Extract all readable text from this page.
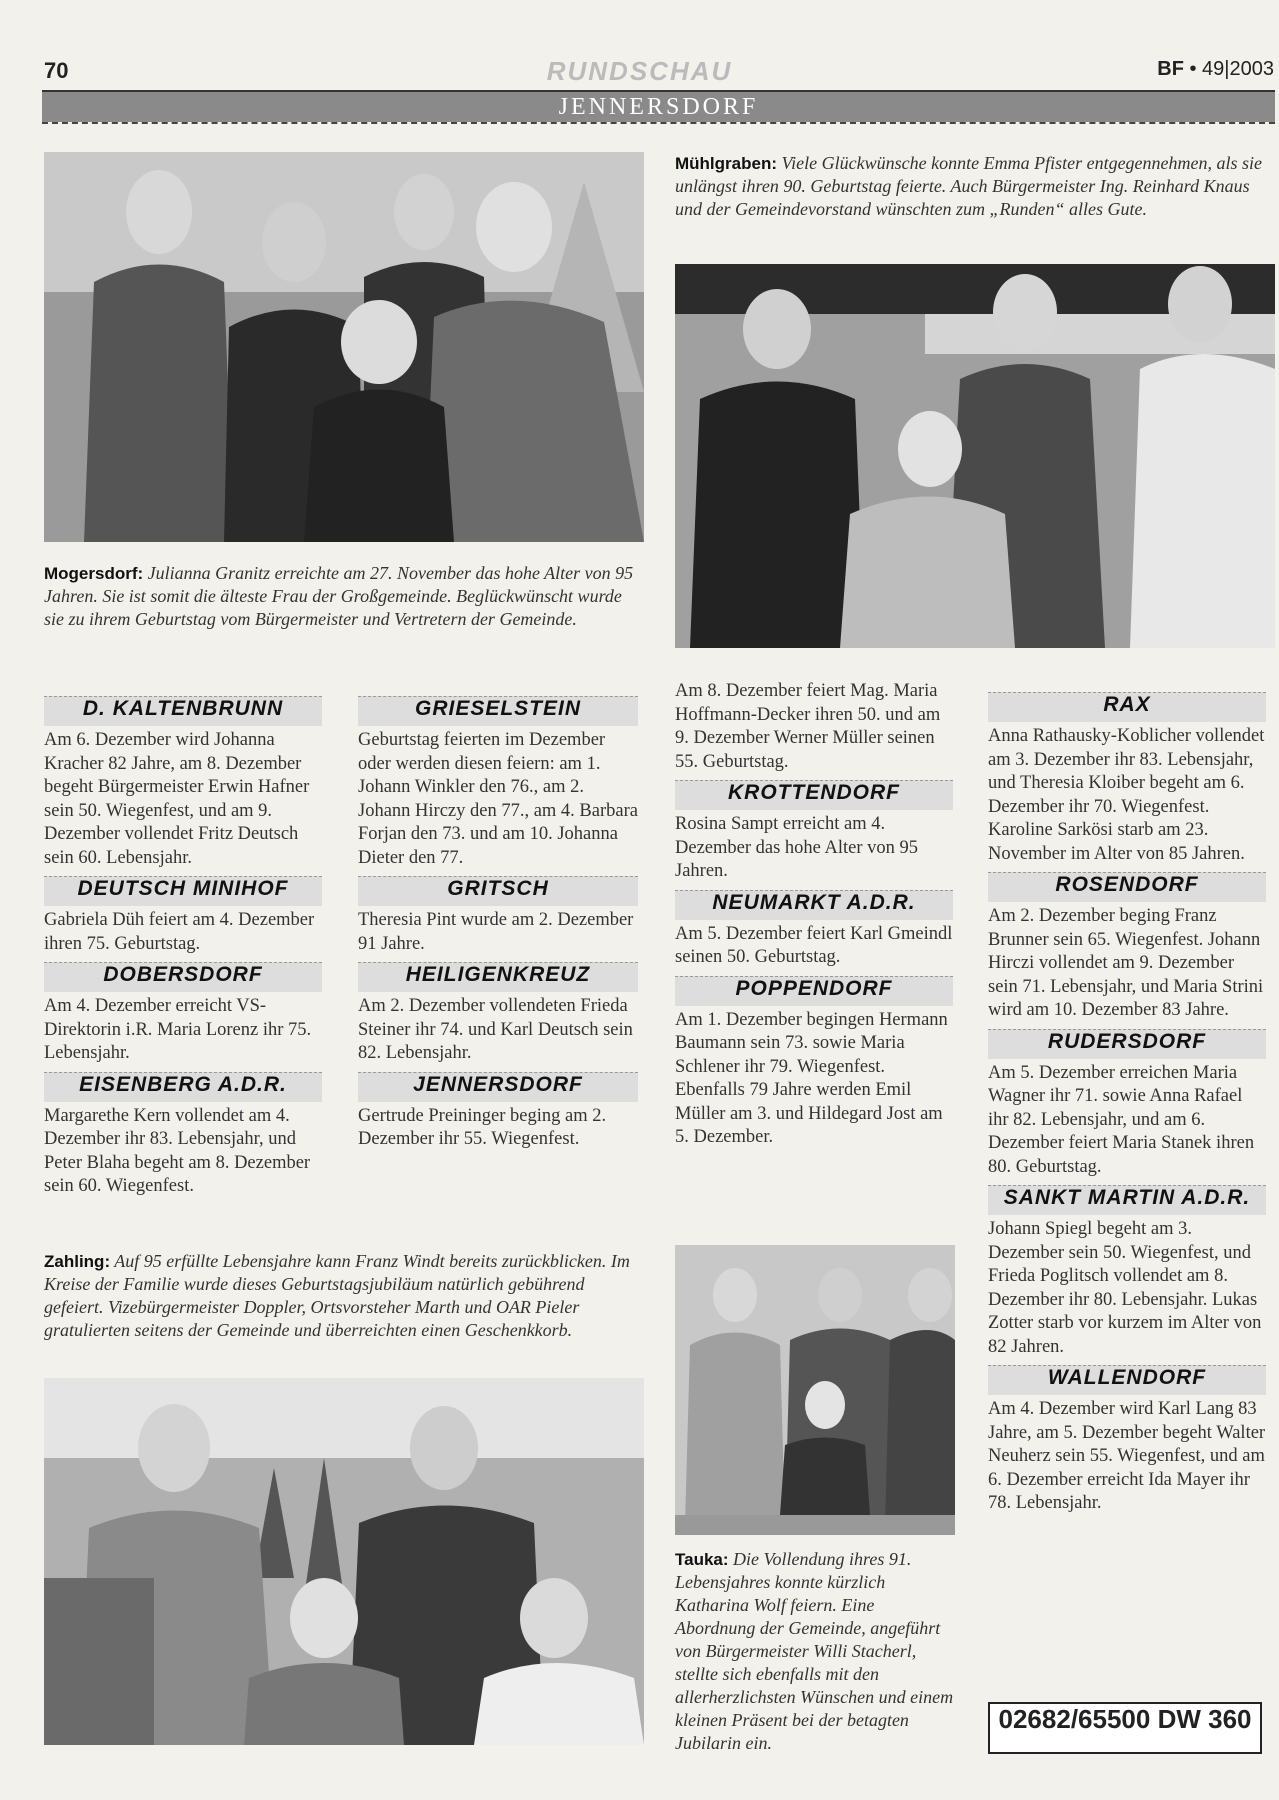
70	RUNDSCHAU	BF • 49|2003
JENNERSDORF
Mogersdorf: Julianna Granitz erreichte am 27. November das hohe Alter von 95 Jahren. Sie ist somit die älteste Frau der Großgemeinde. Beglückwünscht wurde sie zu ihrem Geburtstag vom Bürgermeister und Vertretern der Gemeinde.
Mühlgraben: Viele Glückwünsche konnte Emma Pfister entgegennehmen, als sie unlängst ihren 90. Geburtstag feierte. Auch Bürgermeister Ing. Reinhard Knaus und der Gemeindevorstand wünschten zum „Runden“ alles Gute.
D. KALTENBRUNN

Am 6. Dezember wird Johanna Kracher 82 Jahre, am 8. Dezember begeht Bürgermeister Erwin Hafner sein 50. Wiegenfest, und am 9. Dezember vollendet Fritz Deutsch sein 60. Lebensjahr.

DEUTSCH MINIHOF

Gabriela Düh feiert am 4. Dezember ihren 75. Geburtstag.

DOBERSDORF

Am 4. Dezember erreicht VS-Direktorin i.R. Maria Lorenz ihr 75. Lebensjahr.

EISENBERG A.D.R.

Margarethe Kern vollendet am 4. Dezember ihr 83. Lebensjahr, und Peter Blaha begeht am 8. Dezember sein 60. Wiegenfest.

GRIESELSTEIN

Geburtstag feierten im Dezember oder werden diesen feiern: am 1. Johann Winkler den 76., am 2. Johann Hirczy den 77., am 4. Barbara Forjan den 73. und am 10. Johanna Dieter den 77.

GRITSCH

Theresia Pint wurde am 2. Dezember 91 Jahre.

HEILIGENKREUZ

Am 2. Dezember vollendeten Frieda Steiner ihr 74. und Karl Deutsch sein 82. Lebensjahr.

JENNERSDORF

Gertrude Preininger beging am 2. Dezember ihr 55. Wiegenfest.

Am 8. Dezember feiert Mag. Maria Hoffmann-Decker ihren 50. und am 9. Dezember Werner Müller seinen 55. Geburtstag.

KROTTENDORF

Rosina Sampt erreicht am 4. Dezember das hohe Alter von 95 Jahren.

NEUMARKT A.D.R.

Am 5. Dezember feiert Karl Gmeindl seinen 50. Geburtstag.

POPPENDORF

Am 1. Dezember begingen Hermann Baumann sein 73. sowie Maria Schlener ihr 79. Wiegenfest. Ebenfalls 79 Jahre werden Emil Müller am 3. und Hildegard Jost am 5. Dezember.

RAX

Anna Rathausky-Koblicher vollendet am 3. Dezember ihr 83. Lebensjahr, und Theresia Kloiber begeht am 6. Dezember ihr 70. Wiegenfest. Karoline Sarkösi starb am 23. November im Alter von 85 Jahren.

ROSENDORF

Am 2. Dezember beging Franz Brunner sein 65. Wiegenfest. Johann Hirczi vollendet am 9. Dezember sein 71. Lebensjahr, und Maria Strini wird am 10. Dezember 83 Jahre.

RUDERSDORF

Am 5. Dezember erreichen Maria Wagner ihr 71. sowie Anna Rafael ihr 82. Lebensjahr, und am 6. Dezember feiert Maria Stanek ihren 80. Geburtstag.

SANKT MARTIN A.D.R.

Johann Spiegl begeht am 3. Dezember sein 50. Wiegenfest, und Frieda Poglitsch vollendet am 8. Dezember ihr 80. Lebensjahr. Lukas Zotter starb vor kurzem im Alter von 82 Jahren.

WALLENDORF

Am 4. Dezember wird Karl Lang 83 Jahre, am 5. Dezember begeht Walter Neuherz sein 55. Wiegenfest, und am 6. Dezember erreicht Ida Mayer ihr 78. Lebensjahr.

Zahling: Auf 95 erfüllte Lebensjahre kann Franz Windt bereits zurückblicken. Im Kreise der Familie wurde dieses Geburtstagsjubiläum natürlich gebührend gefeiert. Vizebürgermeister Doppler, Ortsvorsteher Marth und OAR Pieler gratulierten seitens der Gemeinde und überreichten einen Geschenkkorb.
Tauka: Die Vollendung ihres 91. Lebensjahres konnte kürzlich Katharina Wolf feiern. Eine Abordnung der Gemeinde, angeführt von Bürgermeister Willi Stacherl, stellte sich ebenfalls mit den allerherzlichsten Wünschen und einem kleinen Präsent bei der betagten Jubilarin ein.
02682/65500 DW 360
